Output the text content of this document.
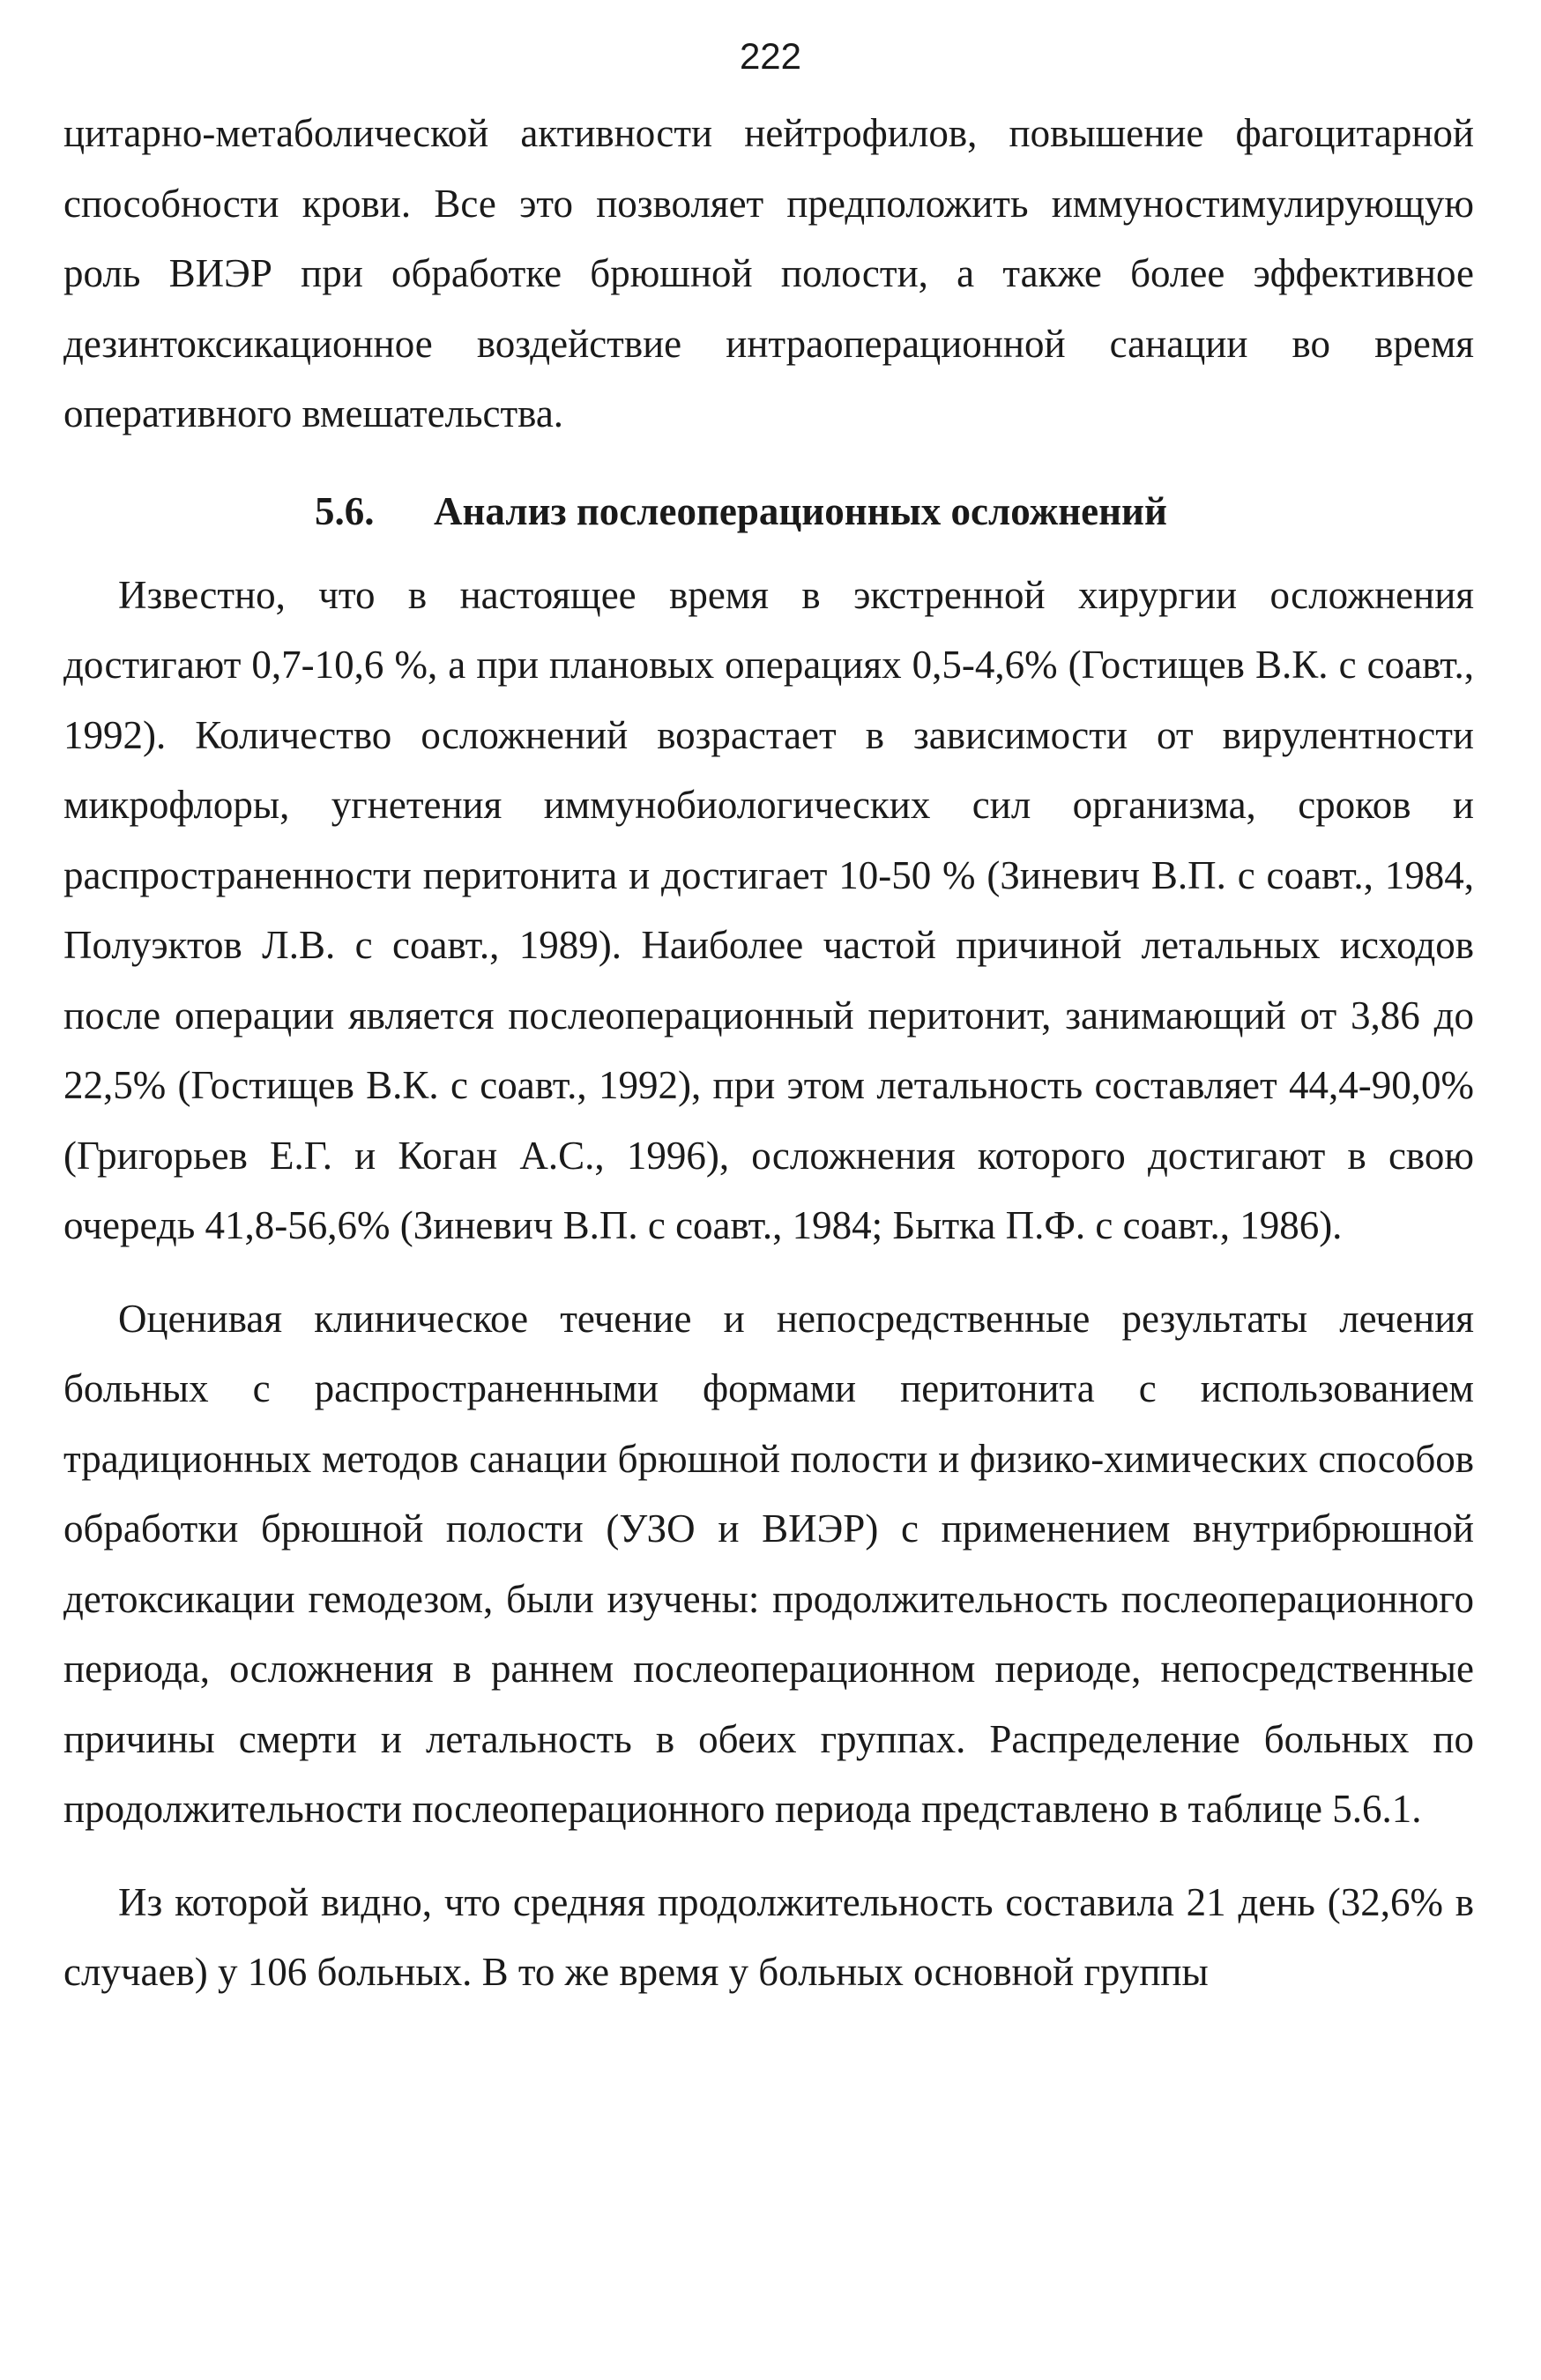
222

цитарно-метаболической активности нейтрофилов, повышение фагоцитарной способности крови. Все это позволяет предположить иммуностимулирующую роль ВИЭР при обработке брюшной полости, а также более эффективное дезинтоксикационное воздействие интраоперационной санации во время оперативного вмешательства.

5.6. Анализ послеоперационных осложнений

Известно, что в настоящее время в экстренной хирургии осложнения достигают 0,7-10,6 %, а при плановых операциях 0,5-4,6% (Гостищев В.К. с соавт., 1992). Количество осложнений возрастает в зависимости от вирулентности микрофлоры, угнетения иммунобиологических сил организма, сроков и распространенности перитонита и достигает 10-50 % (Зиневич В.П. с соавт., 1984, Полуэктов Л.В. с соавт., 1989). Наиболее частой причиной летальных исходов после операции является послеоперационный перитонит, занимающий от 3,86 до 22,5% (Гостищев В.К. с соавт., 1992), при этом летальность составляет 44,4-90,0% (Григорьев Е.Г. и Коган А.С., 1996), осложнения которого достигают в свою очередь 41,8-56,6% (Зиневич В.П. с соавт., 1984; Бытка П.Ф. с соавт., 1986).

Оценивая клиническое течение и непосредственные результаты лечения больных с распространенными формами перитонита с использованием традиционных методов санации брюшной полости и физико-химических способов обработки брюшной полости (УЗО и ВИЭР) с применением внутрибрюшной детоксикации гемодезом, были изучены: продолжительность послеоперационного периода, осложнения в раннем послеоперационном периоде, непосредственные причины смерти и летальность в обеих группах. Распределение больных по продолжительности послеоперационного периода представлено в таблице 5.6.1.

Из которой видно, что средняя продолжительность составила 21 день (32,6% в случаев) у 106 больных. В то же время у больных основной группы
